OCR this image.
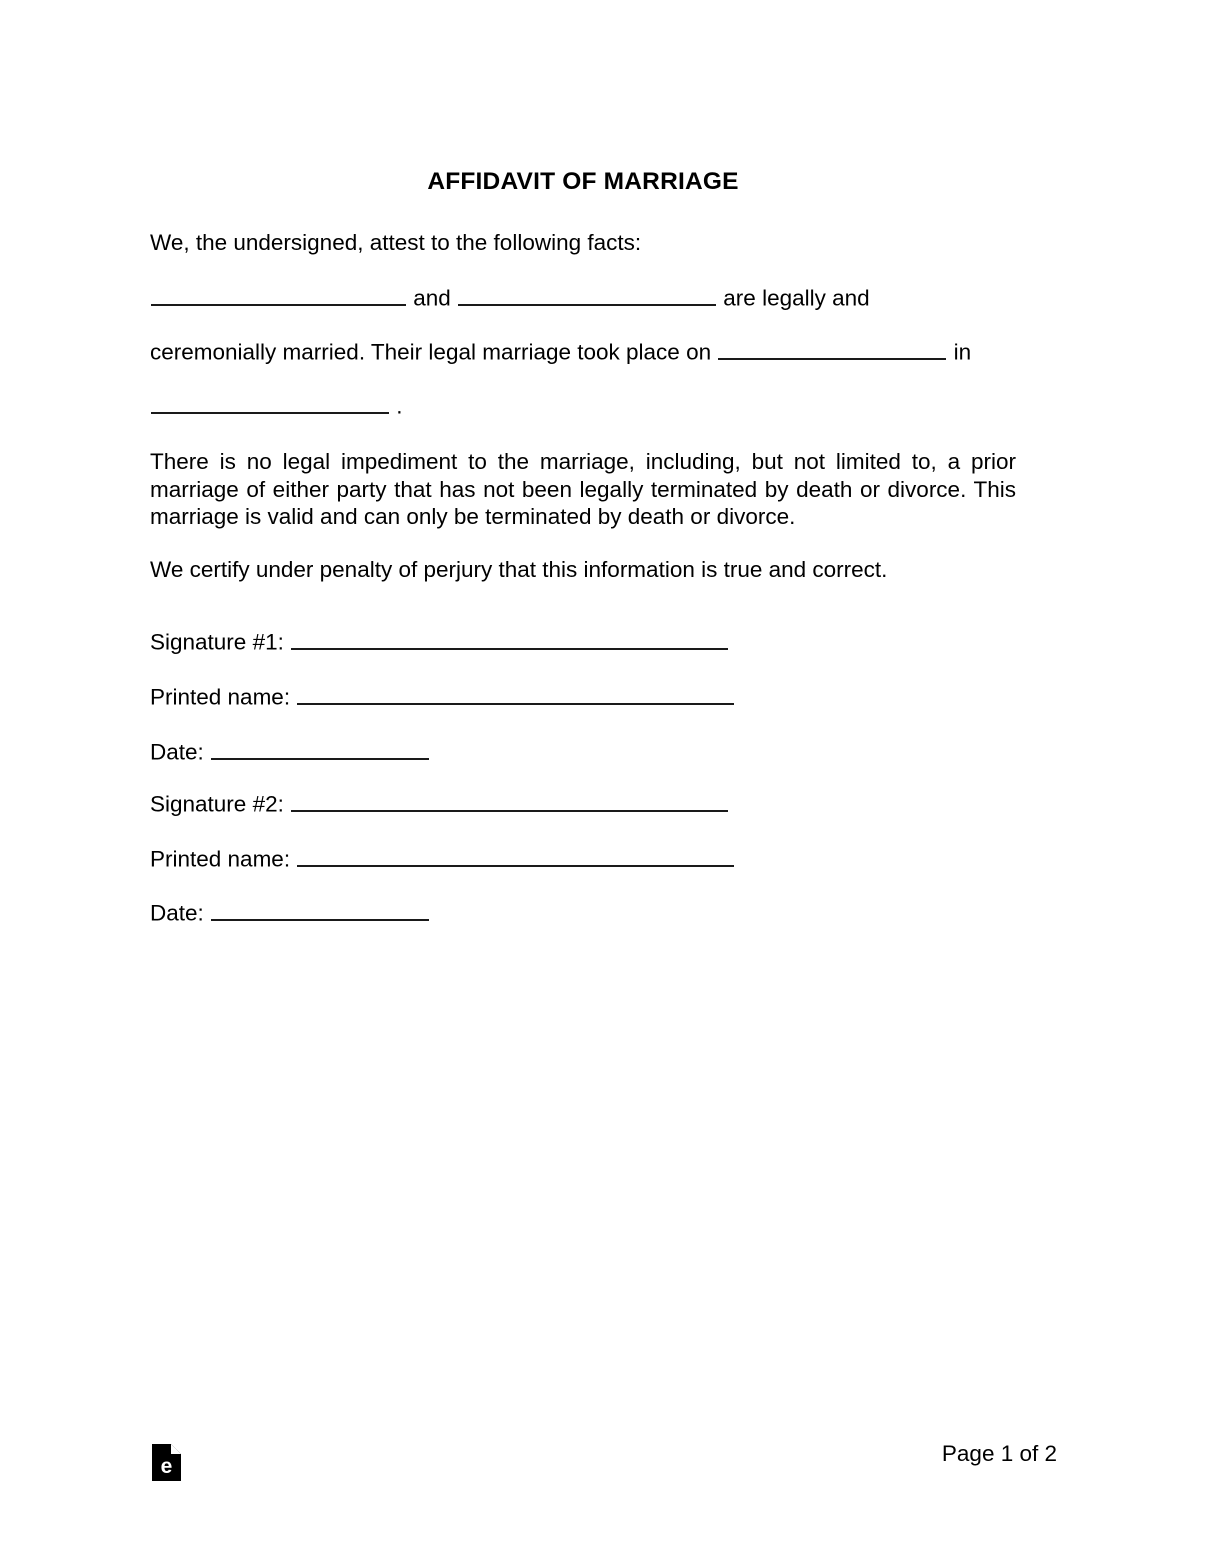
AFFIDAVIT OF MARRIAGE

We, the undersigned, attest to the following facts:

and	are legally and

ceremonially married. Their legal marriage took place on	in

.

There is no legal impediment to the marriage, including, but not limited to, a prior marriage of either party that has not been legally terminated by death or divorce. This marriage is valid and can only be terminated by death or divorce.

We certify under penalty of perjury that this information is true and correct.

Signature #1:

Printed name:

Date:

Signature #2:

Printed name:

Date:

e

Page 1 of 2
